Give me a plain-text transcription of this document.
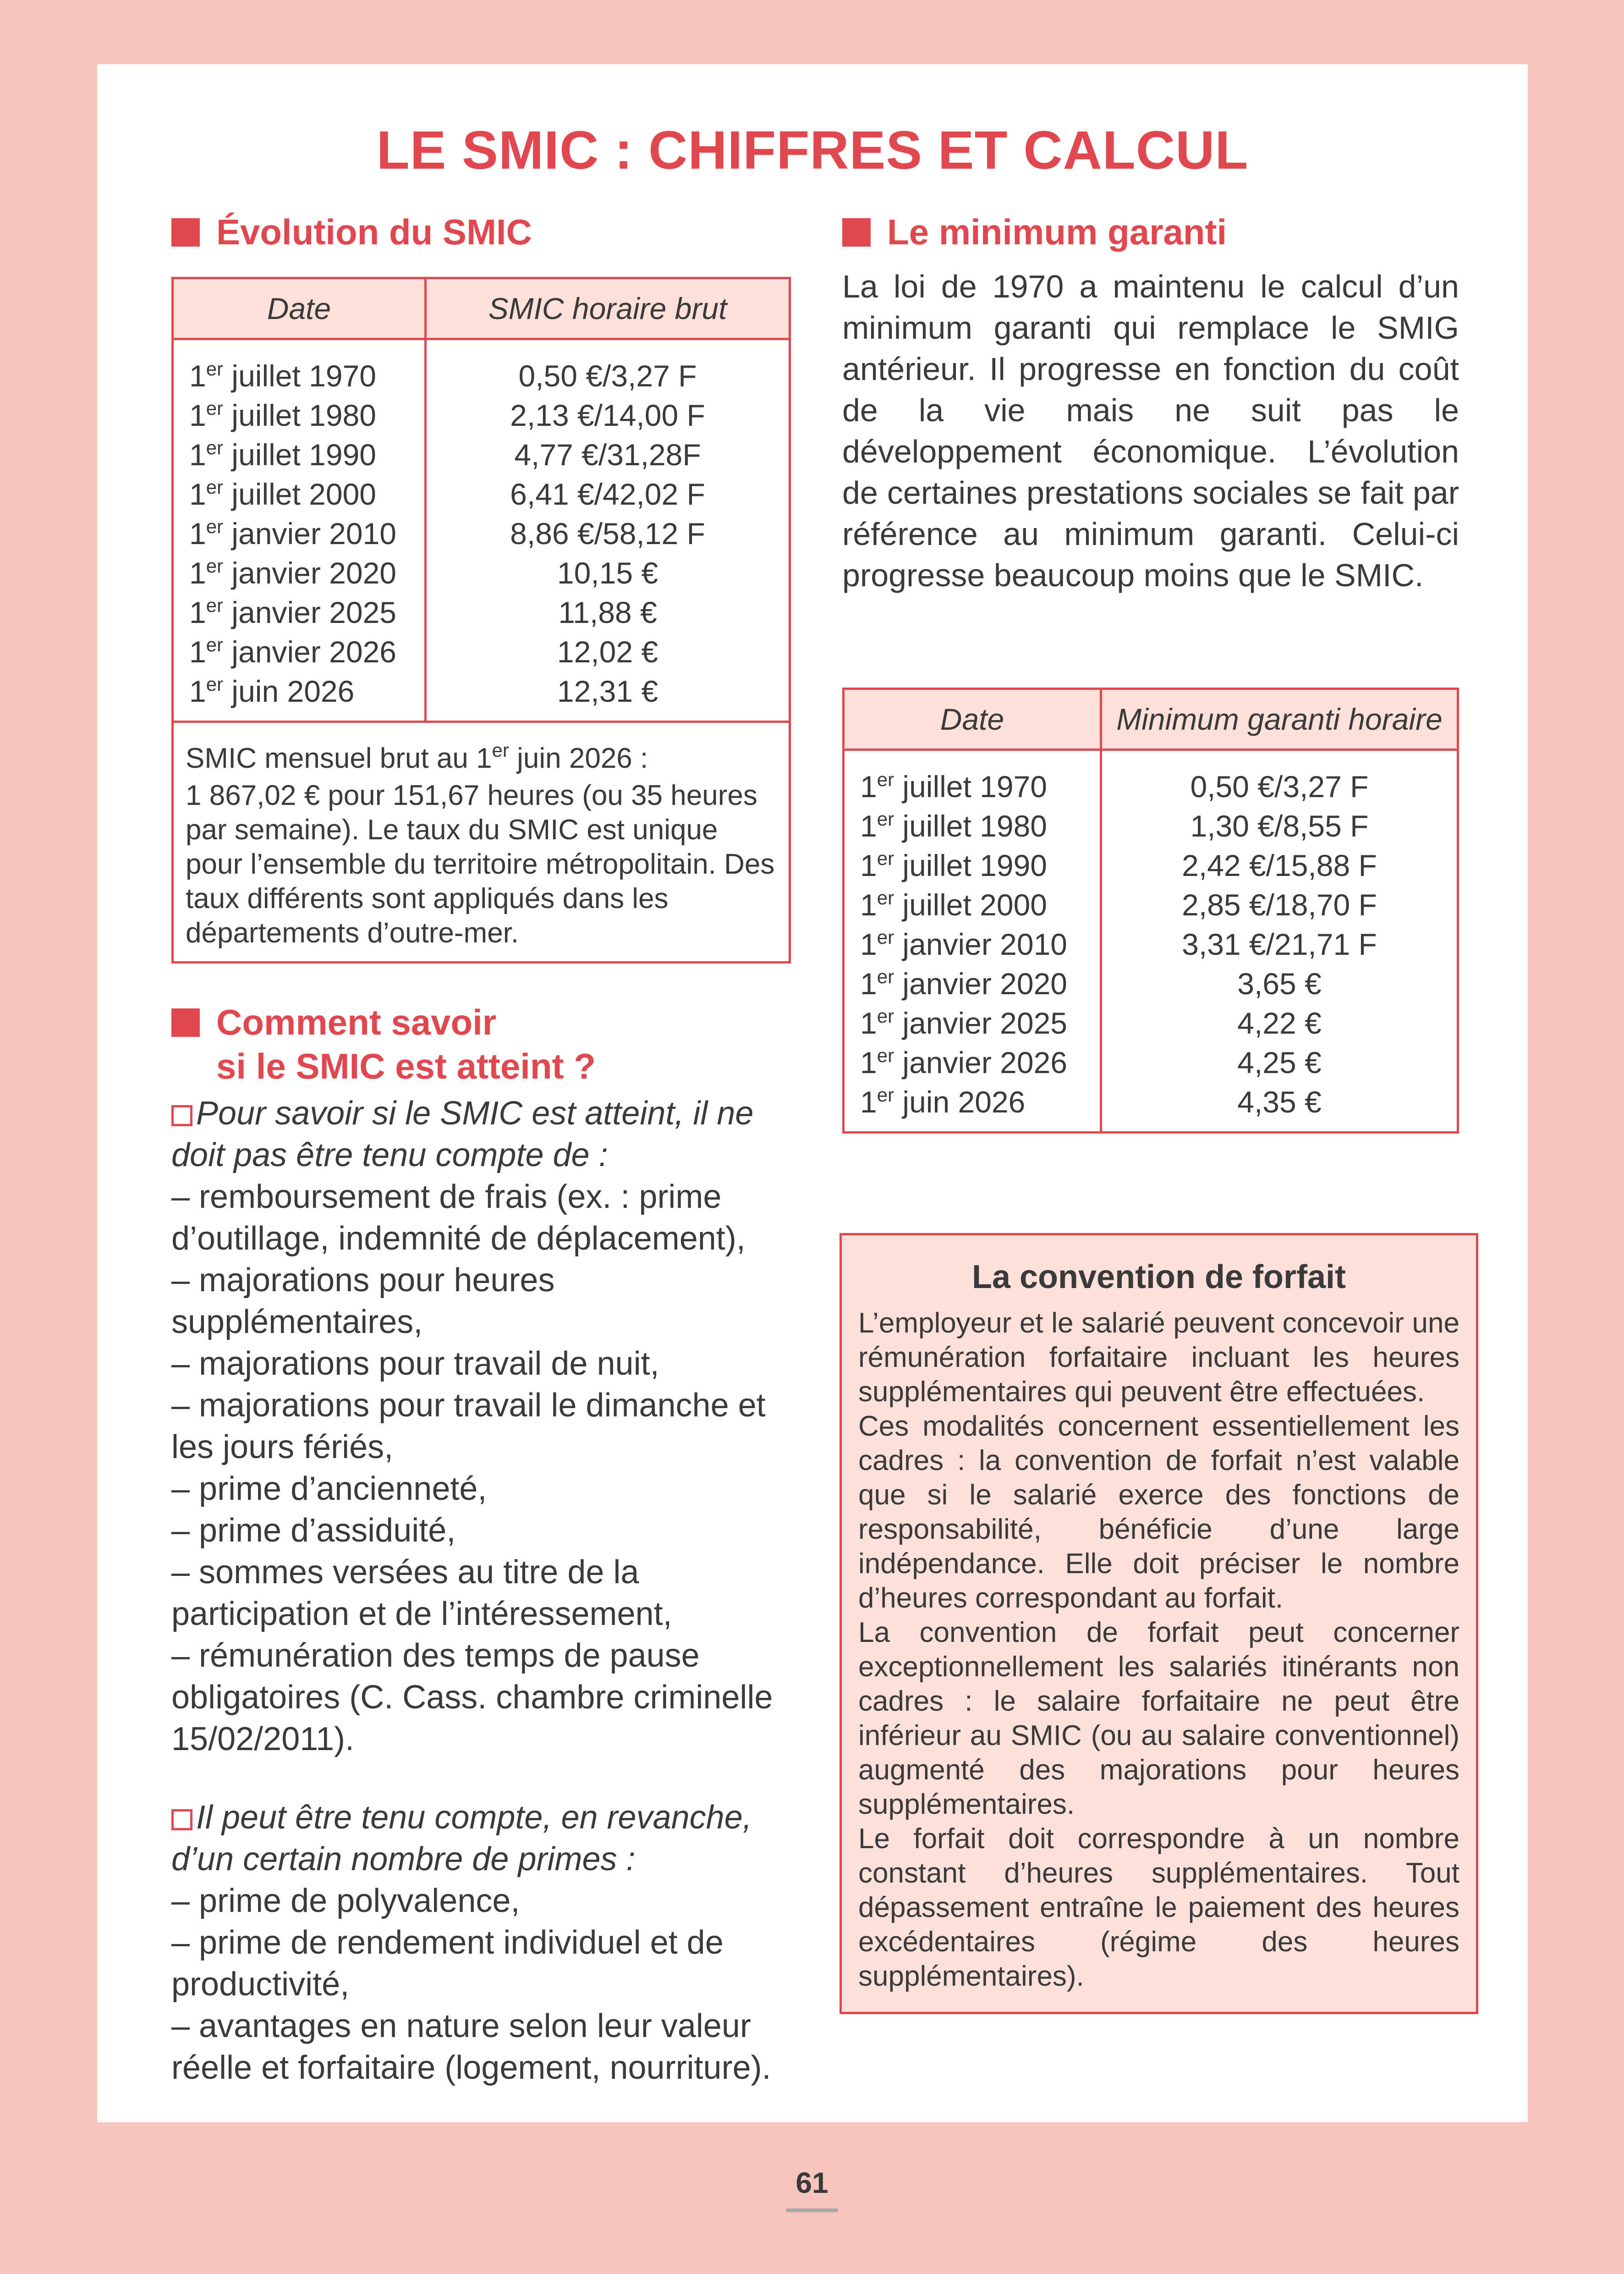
LE SMIC : CHIFFRES ET CALCUL
Évolution du SMIC
Date	SMIC horaire brut
1er juillet 1970	0,50 €/3,27 F
1er juillet 1980	2,13 €/14,00 F
1er juillet 1990	4,77 €/31,28F
1er juillet 2000	6,41 €/42,02 F
1er janvier 2010	8,86 €/58,12 F
1er janvier 2020	10,15 €
1er janvier 2025	11,88 €
1er janvier 2026	12,02 €
1er juin 2026	12,31 €

SMIC mensuel brut au 1er juin 2026 :

1 867,02 € pour 151,67 heures (ou 35 heures par semaine). Le taux du SMIC est unique pour l’ensemble du territoire métropolitain. Des taux différents sont appliqués dans les départements d’outre-mer.

Comment savoir
si le SMIC est atteint ?

Pour savoir si le SMIC est atteint, il ne doit pas être tenu compte de :

– remboursement de frais (ex. : prime d’outillage, indemnité de déplacement),

– majorations pour heures supplémentaires,

– majorations pour travail de nuit,

– majorations pour travail le dimanche et les jours fériés,

– prime d’ancienneté,

– prime d’assiduité,

– sommes versées au titre de la participation et de l’intéressement,

– rémunération des temps de pause obligatoires (C. Cass. chambre criminelle 15/02/2011).

Il peut être tenu compte, en revanche, d’un certain nombre de primes :

– prime de polyvalence,

– prime de rendement individuel et de productivité,

– avantages en nature selon leur valeur réelle et forfaitaire (logement, nourriture).

Le minimum garanti

La loi de 1970 a maintenu le calcul d’un minimum garanti qui remplace le SMIG antérieur. Il progresse en fonction du coût de la vie mais ne suit pas le développement économique. L’évolution de certaines prestations sociales se fait par référence au minimum garanti. Celui-ci progresse beaucoup moins que le SMIC.

Date	Minimum garanti horaire
1er juillet 1970	0,50 €/3,27 F
1er juillet 1980	1,30 €/8,55 F
1er juillet 1990	2,42 €/15,88 F
1er juillet 2000	2,85 €/18,70 F
1er janvier 2010	3,31 €/21,71 F
1er janvier 2020	3,65 €
1er janvier 2025	4,22 €
1er janvier 2026	4,25 €
1er juin 2026	4,35 €
La convention de forfait

L’employeur et le salarié peuvent concevoir une rémunération forfaitaire incluant les heures supplémentaires qui peuvent être effectuées.

Ces modalités concernent essentiellement les cadres : la convention de forfait n’est valable que si le salarié exerce des fonctions de responsabilité, bénéficie d’une large indépendance. Elle doit préciser le nombre d’heures correspondant au forfait.

La convention de forfait peut concerner exceptionnellement les salariés itinérants non cadres : le salaire forfaitaire ne peut être inférieur au SMIC (ou au salaire conventionnel) augmenté des majorations pour heures supplémentaires.

Le forfait doit correspondre à un nombre constant d’heures supplémentaires. Tout dépassement entraîne le paiement des heures excédentaires (régime des heures supplémentaires).

61
